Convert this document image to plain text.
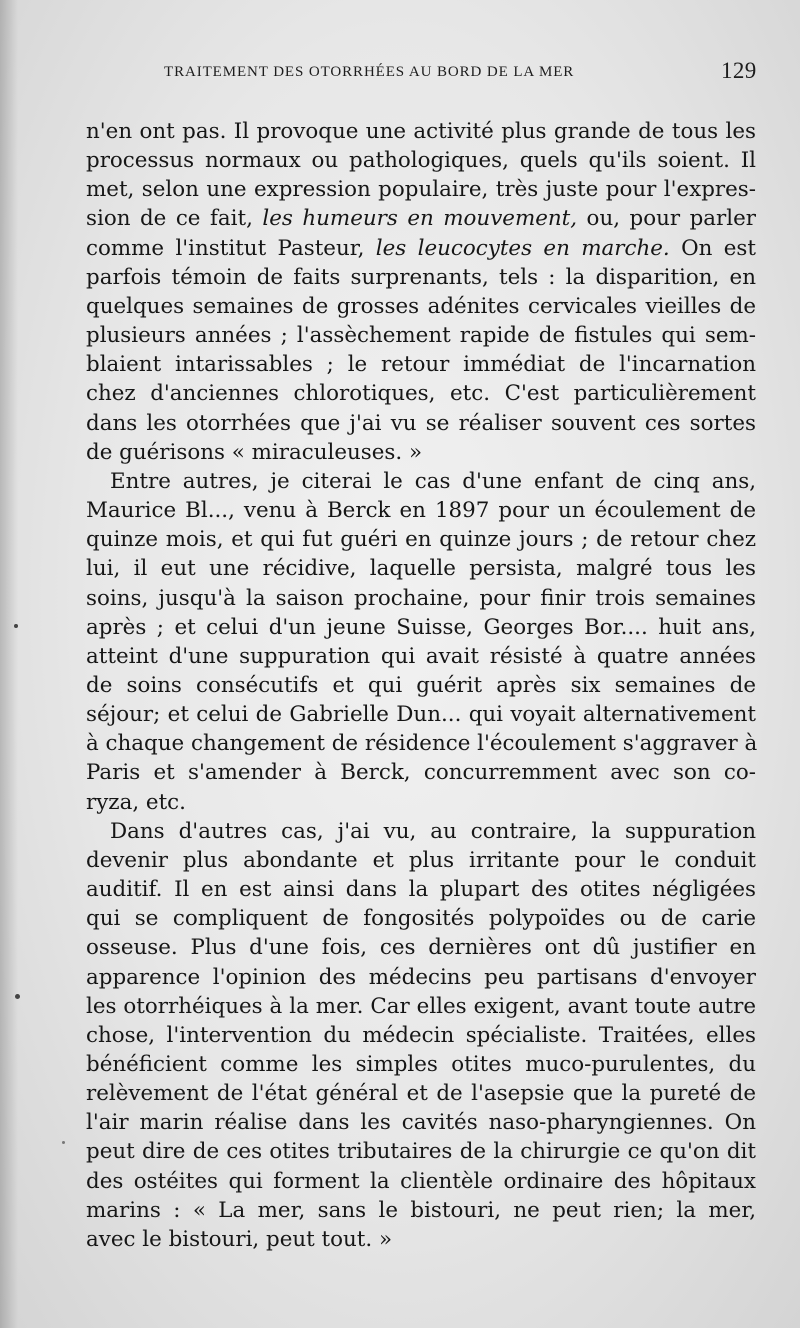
TRAITEMENT DES OTORRHÉES AU BORD DE LA MER	129
n'en ont pas. Il provoque une activité plus grande de tous les
processus normaux ou pathologiques, quels qu'ils soient. Il
met, selon une expression populaire, très juste pour l'expres-
sion de ce fait, les humeurs en mouvement, ou, pour parler
comme l'institut Pasteur, les leucocytes en marche. On est
parfois témoin de faits surprenants, tels : la disparition, en
quelques semaines de grosses adénites cervicales vieilles de
plusieurs années ; l'assèchement rapide de fistules qui sem-
blaient intarissables ; le retour immédiat de l'incarnation
chez d'anciennes chlorotiques, etc. C'est particulièrement
dans les otorrhées que j'ai vu se réaliser souvent ces sortes
de guérisons « miraculeuses. »
Entre autres, je citerai le cas d'une enfant de cinq ans,
Maurice Bl..., venu à Berck en 1897 pour un écoulement de
quinze mois, et qui fut guéri en quinze jours ; de retour chez
lui, il eut une récidive, laquelle persista, malgré tous les
soins, jusqu'à la saison prochaine, pour finir trois semaines
après ; et celui d'un jeune Suisse, Georges Bor.... huit ans,
atteint d'une suppuration qui avait résisté à quatre années
de soins consécutifs et qui guérit après six semaines de
séjour; et celui de Gabrielle Dun... qui voyait alternativement
à chaque changement de résidence l'écoulement s'aggraver à
Paris et s'amender à Berck, concurremment avec son co-
ryza, etc.
Dans d'autres cas, j'ai vu, au contraire, la suppuration
devenir plus abondante et plus irritante pour le conduit
auditif. Il en est ainsi dans la plupart des otites négligées
qui se compliquent de fongosités polypoïdes ou de carie
osseuse. Plus d'une fois, ces dernières ont dû justifier en
apparence l'opinion des médecins peu partisans d'envoyer
les otorrhéiques à la mer. Car elles exigent, avant toute autre
chose, l'intervention du médecin spécialiste. Traitées, elles
bénéficient comme les simples otites muco-purulentes, du
relèvement de l'état général et de l'asepsie que la pureté de
l'air marin réalise dans les cavités naso-pharyngiennes. On
peut dire de ces otites tributaires de la chirurgie ce qu'on dit
des ostéites qui forment la clientèle ordinaire des hôpitaux
marins : « La mer, sans le bistouri, ne peut rien; la mer,
avec le bistouri, peut tout. »
